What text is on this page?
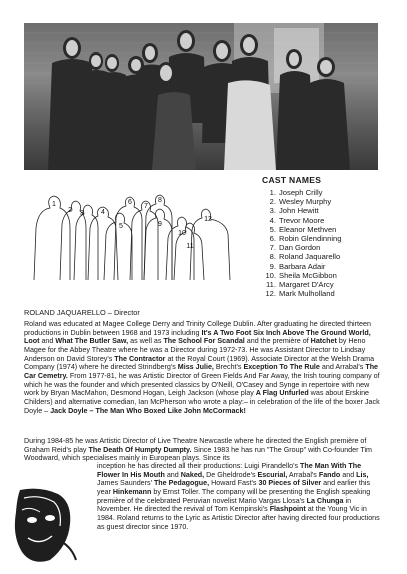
CAST NAMES
1. Joseph Crilly
2. Wesley Murphy
3. John Hewitt
4. Trevor Moore
5. Eleanor Methven
6. Robin Glendinning
7. Dan Gordon
8. Roland Jaquarello
9. Barbara Adair
10. Sheila McGibbon
11. Margaret D'Arcy
12. Mark Mulholland
1
2 3 4
5
6
7
8
9
10
11
12
ROLAND JAQUARELLO – Director

Roland was educated at Magee College Derry and Trinity College Dublin. After graduating he directed thirteen productions in Dublin between 1968 and 1973 including It's A Two Foot Six Inch Above The Ground World, Loot and What The Butler Saw, as well as The School For Scandal and the première of Hatchet by Heno Magee for the Abbey Theatre where he was a Director during 1972-73. He was Assistant Director to Lindsay Anderson on David Storey's The Contractor at the Royal Court (1969). Associate Director at the Welsh Drama Company (1974) where he directed Strindberg's Miss Julie, Brecht's Exception To The Rule and Arrabal's The Car Cemetry. From 1977-81, he was Artistic Director of Green Fields And Far Away, the Irish touring company of which he was the founder and which presented classics by O'Neill, O'Casey and Synge in repertoire with new work by Bryan MacMahon, Desmond Hogan, Leigh Jackson (whose play A Flag Unfurled was about Erskine Childers) and alternative comedian, Ian McPherson who wrote a play:– in celebration of the life of the boxer Jack Doyle – Jack Doyle – The Man Who Boxed Like John McCormack!

During 1984-85 he was Artistic Director of Live Theatre Newcastle where he directed the English première of Graham Reid's play The Death Of Humpty Dumpty. Since 1983 he has run "The Group" with Co-founder Tim Woodward, which specialises mainly in European plays. Since its

inception he has directed all their productions: Luigi Pirandello's The Man With The Flower In His Mouth and Naked, De Gheldrode's Escurial, Arrabal's Fando and Lis, James Saunders' The Pedagogue, Howard Fast's 30 Pieces of Silver and earlier this year Hinkemann by Ernst Toller. The company will be presenting the English speaking première of the celebrated Peruvian novelist Mario Vargas Llosa's La Chunga in November. He directed the revival of Tom Kempinski's Flashpoint at the Young Vic in 1984. Roland returns to the Lyric as Artistic Director after having directed four productions as guest director since 1970.
